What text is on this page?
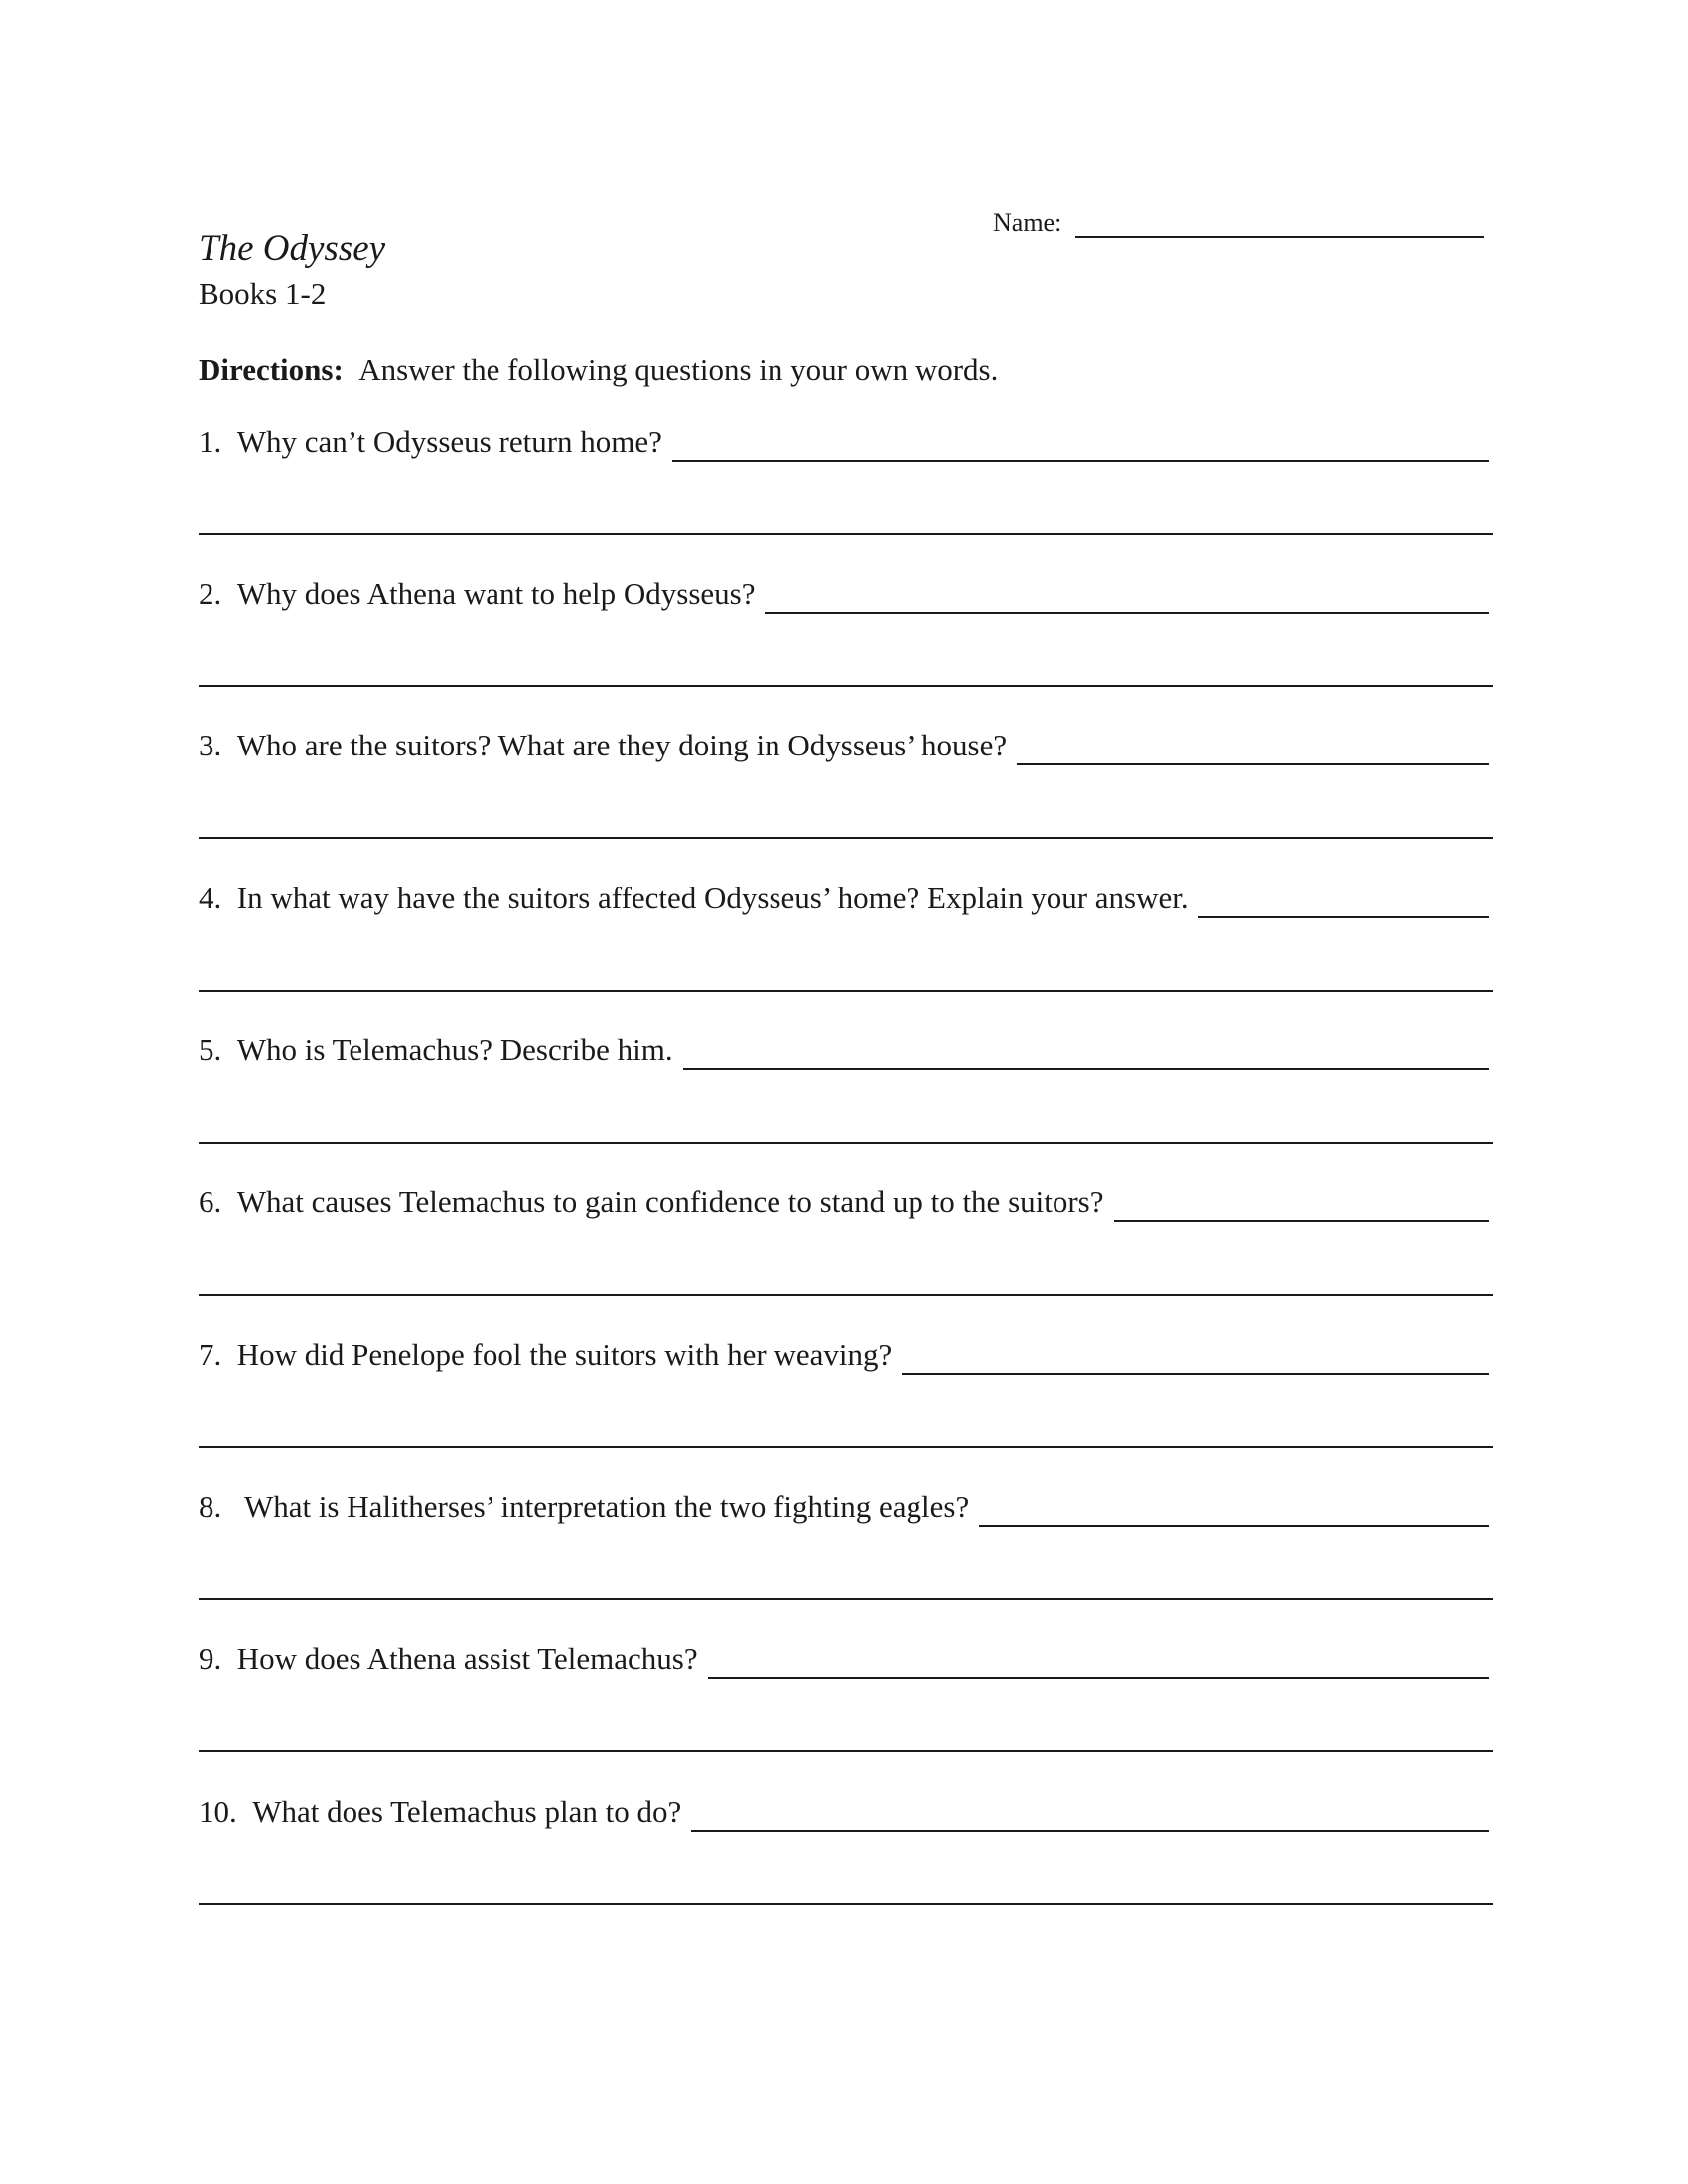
Name:
The Odyssey
Books 1-2
Directions: Answer the following questions in your own words.
1. Why can’t Odysseus return home?
2. Why does Athena want to help Odysseus?
3. Who are the suitors? What are they doing in Odysseus’ house?
4. In what way have the suitors affected Odysseus’ home? Explain your answer.
5. Who is Telemachus? Describe him.
6. What causes Telemachus to gain confidence to stand up to the suitors?
7. How did Penelope fool the suitors with her weaving?
8.   What is Halitherses’ interpretation the two fighting eagles?
9. How does Athena assist Telemachus?
10. What does Telemachus plan to do?
